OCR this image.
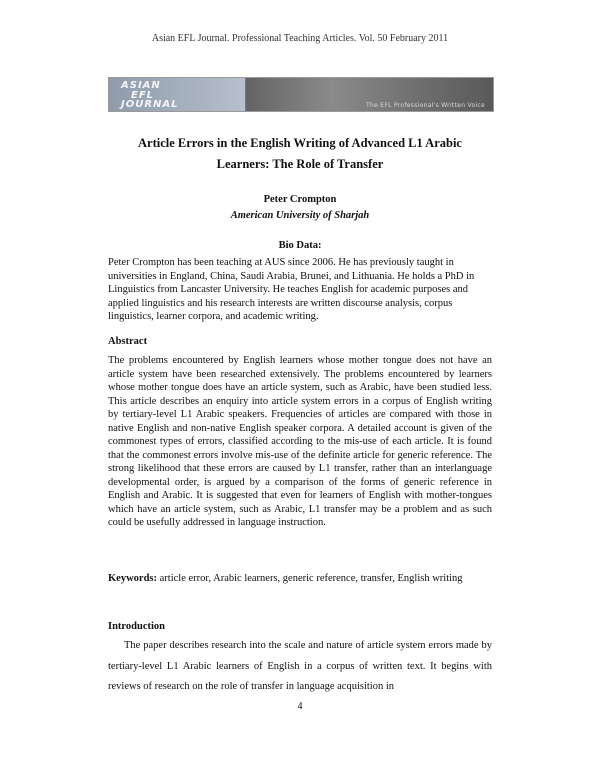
Asian EFL Journal. Professional Teaching Articles. Vol. 50 February 2011
ASIAN
EFL
JOURNAL	The EFL Professional's Written Voice
Article Errors in the English Writing of Advanced L1 Arabic
Learners: The Role of Transfer
Peter Crompton
American University of Sharjah
Bio Data:
Peter Crompton has been teaching at AUS since 2006. He has previously taught in universities in England, China, Saudi Arabia, Brunei, and Lithuania. He holds a PhD in Linguistics from Lancaster University. He teaches English for academic purposes and applied linguistics and his research interests are written discourse analysis, corpus linguistics, learner corpora, and academic writing.
Abstract
The problems encountered by English learners whose mother tongue does not have an article system have been researched extensively. The problems encountered by learners whose mother tongue does have an article system, such as Arabic, have been studied less. This article describes an enquiry into article system errors in a corpus of English writing by tertiary-level L1 Arabic speakers. Frequencies of articles are compared with those in native English and non-native English speaker corpora. A detailed account is given of the commonest types of errors, classified according to the mis-use of each article. It is found that the commonest errors involve mis-use of the definite article for generic reference. The strong likelihood that these errors are caused by L1 transfer, rather than an interlanguage developmental order, is argued by a comparison of the forms of generic reference in English and Arabic. It is suggested that even for learners of English with mother-tongues which have an article system, such as Arabic, L1 transfer may be a problem and as such could be usefully addressed in language instruction.
Keywords: article error, Arabic learners, generic reference, transfer, English writing
Introduction
The paper describes research into the scale and nature of article system errors made by tertiary-level L1 Arabic learners of English in a corpus of written text. It begins with reviews of research on the role of transfer in language acquisition in
4
